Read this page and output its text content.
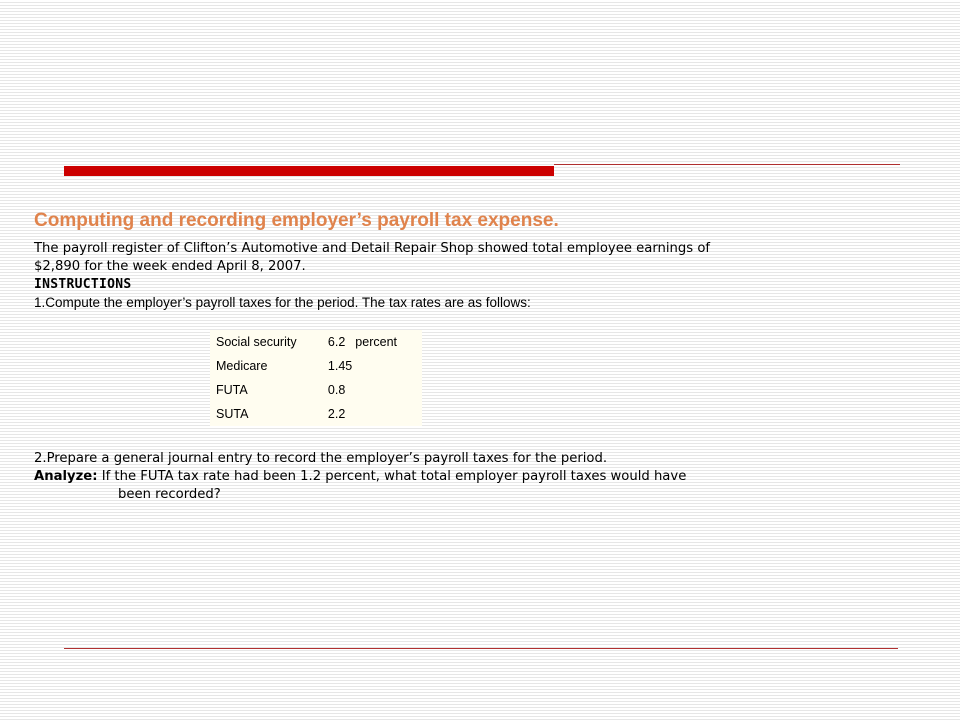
Computing and recording employer’s payroll tax expense.

The payroll register of Clifton’s Automotive and Detail Repair Shop showed total employee earnings of
$2,890 for the week ended April 8, 2007.

INSTRUCTIONS

1.Compute the employer’s payroll taxes for the period. The tax rates are as follows:

Social security	6.2 percent
Medicare	1.45
FUTA	0.8
SUTA	2.2

2.Prepare a general journal entry to record the employer’s payroll taxes for the period.

Analyze: If the FUTA tax rate had been 1.2 percent, what total employer payroll taxes would have
been recorded?
